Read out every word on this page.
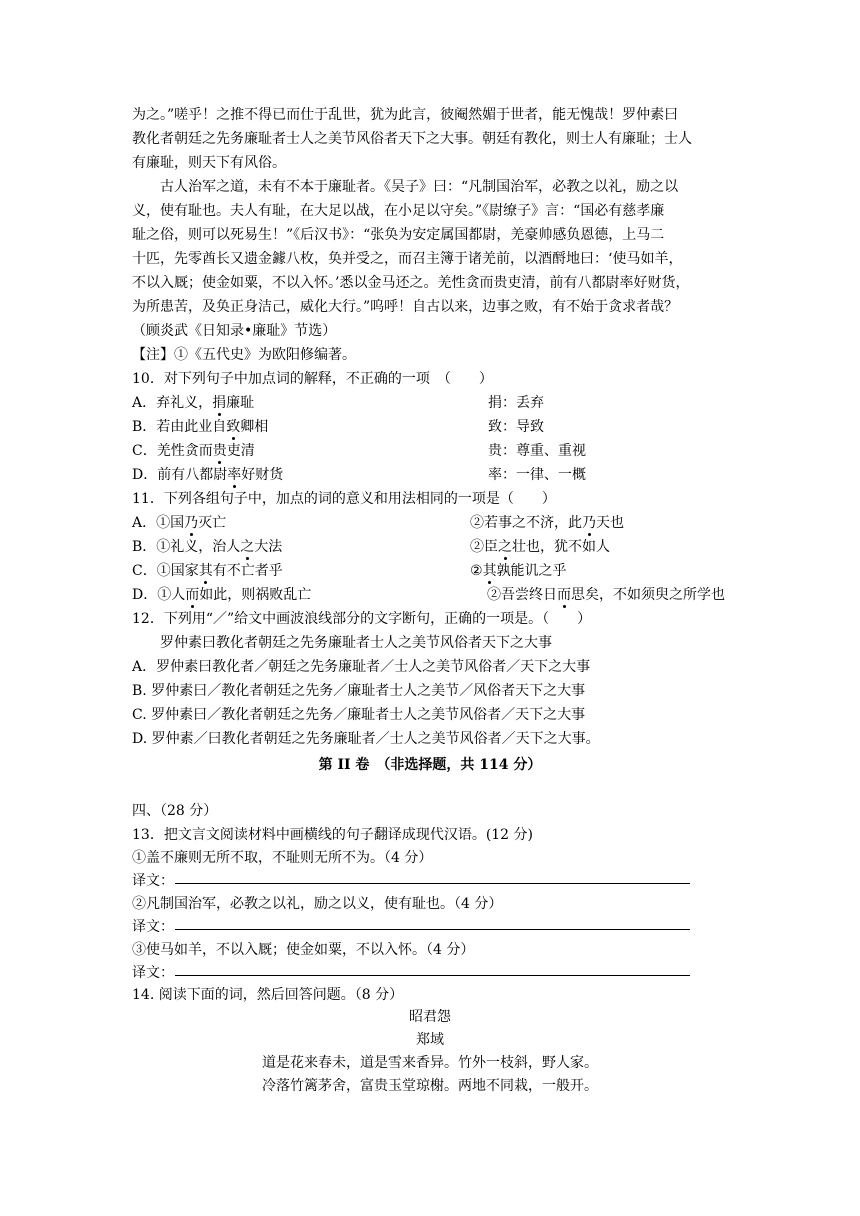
为之。”嗟乎！之推不得已而仕于乱世，犹为此言，彼阉然媚于世者，能无愧哉！罗仲素曰
教化者朝廷之先务廉耻者士人之美节风俗者天下之大事。朝廷有教化，则士人有廉耻；士人
有廉耻，则天下有风俗。
古人治军之道，未有不本于廉耻者。《吴子》曰：“凡制国治军，必教之以礼，励之以
义，使有耻也。夫人有耻，在大足以战，在小足以守矣。”《尉缭子》言：“国必有慈孝廉
耻之俗，则可以死易生！”《后汉书》：“张奂为安定属国都尉，羌豪帅感负恩德，上马二
十匹，先零酋长又遗金鐻八枚，奂并受之，而召主簿于诸羌前，以酒酹地曰：‘使马如羊，
不以入厩；使金如粟，不以入怀。’悉以金马还之。羌性贪而贵吏清，前有八都尉率好财货，
为所患苦，及奂正身洁己，威化大行。”呜呼！自古以来，边事之败，有不始于贪求者哉？
（顾炎武《日知录•廉耻》节选）
【注】①《五代史》为欧阳修编著。
10．对下列句子中加点词的解释，不正确的一项　（　　）
A．弃礼义，捐廉耻	捐：丢弃
B．若由此业自致卿相	致：导致
C．羌性贪而贵吏清	贵：尊重、重视
D．前有八都尉率好财货	率：一律、一概
11．下列各组句子中，加点的词的意义和用法相同的一项是（　　）
A．①国乃灭亡	②若事之不济，此乃天也
B．①礼义，治人之大法	②臣之壮也，犹不如人
C．①国家其有不亡者乎	②其孰能讥之乎
D．①人而如此，则祸败乱亡	②吾尝终日而思矣，不如须臾之所学也
12．下列用“／”给文中画波浪线部分的文字断句，正确的一项是。（　　）
罗仲素曰教化者朝廷之先务廉耻者士人之美节风俗者天下之大事
A．罗仲素曰教化者／朝廷之先务廉耻者／士人之美节风俗者／天下之大事
B. 罗仲素曰／教化者朝廷之先务／廉耻者士人之美节／风俗者天下之大事
C. 罗仲素曰／教化者朝廷之先务／廉耻者士人之美节风俗者／天下之大事
D. 罗仲素／曰教化者朝廷之先务廉耻者／士人之美节风俗者／天下之大事。
第 II 卷　（非选择题，共 114 分）
四、（28 分）
13．把文言文阅读材料中画横线的句子翻译成现代汉语。(12 分)
①盖不廉则无所不取，不耻则无所不为。（4 分）
译文：
②凡制国治军，必教之以礼，励之以义，使有耻也。（4 分）
译文：
③使马如羊，不以入厩；使金如粟，不以入怀。（4 分）
译文：
14. 阅读下面的词，然后回答问题。（8 分）
昭君怨
郑域
道是花来春未，道是雪来香异。竹外一枝斜，野人家。
冷落竹篱茅舍，富贵玉堂琼榭。两地不同栽，一般开。
